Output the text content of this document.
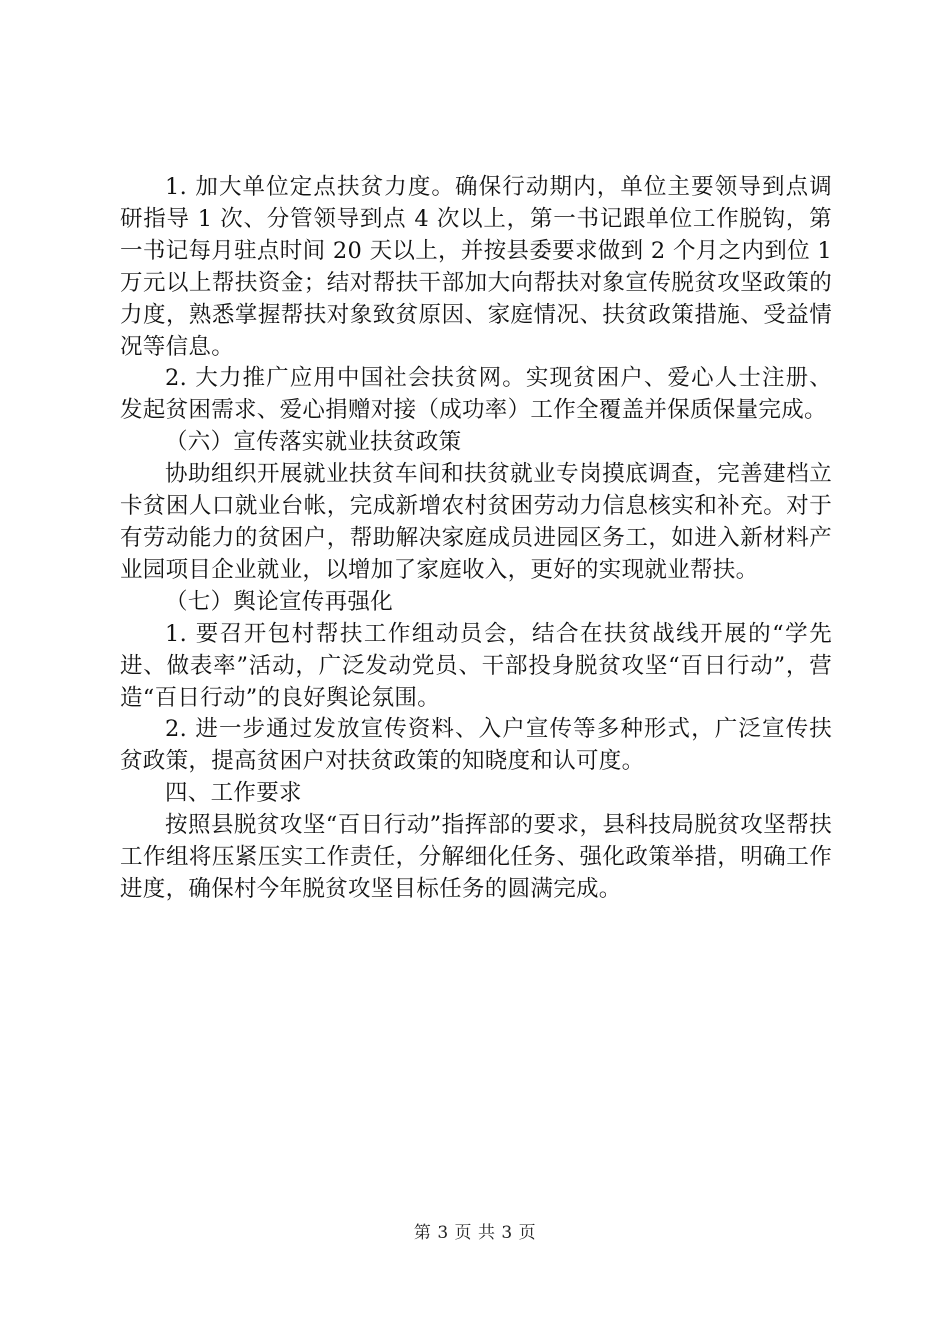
1. 加大单位定点扶贫力度。确保行动期内，单位主要领导到点调研指导 1 次、分管领导到点 4 次以上，第一书记跟单位工作脱钩，第一书记每月驻点时间 20 天以上，并按县委要求做到 2 个月之内到位 1 万元以上帮扶资金；结对帮扶干部加大向帮扶对象宣传脱贫攻坚政策的力度，熟悉掌握帮扶对象致贫原因、家庭情况、扶贫政策措施、受益情况等信息。

2. 大力推广应用中国社会扶贫网。实现贫困户、爱心人士注册、发起贫困需求、爱心捐赠对接（成功率）工作全覆盖并保质保量完成。

（六）宣传落实就业扶贫政策

协助组织开展就业扶贫车间和扶贫就业专岗摸底调查，完善建档立卡贫困人口就业台帐，完成新增农村贫困劳动力信息核实和补充。对于有劳动能力的贫困户，帮助解决家庭成员进园区务工，如进入新材料产业园项目企业就业，以增加了家庭收入，更好的实现就业帮扶。

（七）舆论宣传再强化

1. 要召开包村帮扶工作组动员会，结合在扶贫战线开展的“学先进、做表率”活动，广泛发动党员、干部投身脱贫攻坚“百日行动”，营造“百日行动”的良好舆论氛围。

2. 进一步通过发放宣传资料、入户宣传等多种形式，广泛宣传扶贫政策，提高贫困户对扶贫政策的知晓度和认可度。

四、工作要求

按照县脱贫攻坚“百日行动”指挥部的要求，县科技局脱贫攻坚帮扶工作组将压紧压实工作责任，分解细化任务、强化政策举措，明确工作进度，确保村今年脱贫攻坚目标任务的圆满完成。

第 3 页 共 3 页
